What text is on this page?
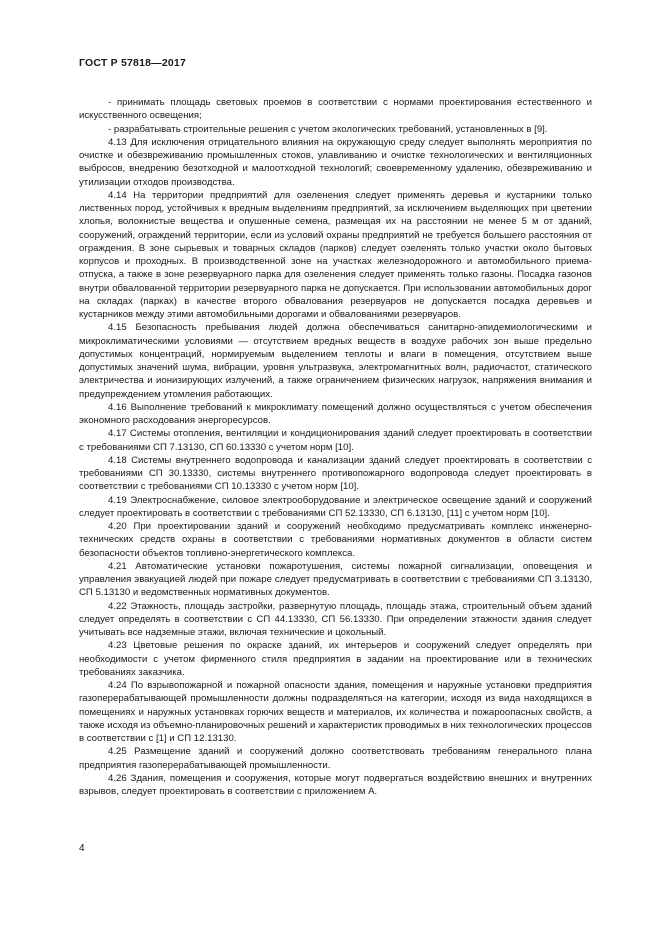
ГОСТ Р 57818—2017

- принимать площадь световых проемов в соответствии с нормами проектирования естественного и искусственного освещения;

- разрабатывать строительные решения с учетом экологических требований, установленных в [9].

4.13 Для исключения отрицательного влияния на окружающую среду следует выполнять мероприятия по очистке и обезвреживанию промышленных стоков, улавливанию и очистке технологических и вентиляционных выбросов, внедрению безотходной и малоотходной технологий; своевременному удалению, обезвреживанию и утилизации отходов производства.

4.14 На территории предприятий для озеленения следует применять деревья и кустарники только лиственных пород, устойчивых к вредным выделениям предприятий, за исключением выделяющих при цветении хлопья, волокнистые вещества и опушенные семена, размещая их на расстоянии не менее 5 м от зданий, сооружений, ограждений территории, если из условий охраны предприятий не требуется большего расстояния от ограждения. В зоне сырьевых и товарных складов (парков) следует озеленять только участки около бытовых корпусов и проходных. В производственной зоне на участках железнодорожного и автомобильного приема-отпуска, а также в зоне резервуарного парка для озеленения следует применять только газоны. Посадка газонов внутри обвалованной территории резервуарного парка не допускается. При использовании автомобильных дорог на складах (парках) в качестве второго обвалования резервуаров не допускается посадка деревьев и кустарников между этими автомобильными дорогами и обвалованиями резервуаров.

4.15 Безопасность пребывания людей должна обеспечиваться санитарно-эпидемиологическими и микроклиматическими условиями — отсутствием вредных веществ в воздухе рабочих зон выше предельно допустимых концентраций, нормируемым выделением теплоты и влаги в помещения, отсутствием выше допустимых значений шума, вибрации, уровня ультразвука, электромагнитных волн, радиочастот, статического электричества и ионизирующих излучений, а также ограничением физических нагрузок, напряжения внимания и предупреждением утомления работающих.

4.16 Выполнение требований к микроклимату помещений должно осуществляться с учетом обеспечения экономного расходования энергоресурсов.

4.17 Системы отопления, вентиляции и кондиционирования зданий следует проектировать в соответствии с требованиями СП 7.13130, СП 60.13330 с учетом норм [10].

4.18 Системы внутреннего водопровода и канализации зданий следует проектировать в соответствии с требованиями СП 30.13330, системы внутреннего противопожарного водопровода следует проектировать в соответствии с требованиями СП 10.13330 с учетом норм [10].

4.19 Электроснабжение, силовое электрооборудование и электрическое освещение зданий и сооружений следует проектировать в соответствии с требованиями СП 52.13330, СП 6.13130, [11] с учетом норм [10].

4.20 При проектировании зданий и сооружений необходимо предусматривать комплекс инженерно-технических средств охраны в соответствии с требованиями нормативных документов в области систем безопасности объектов топливно-энергетического комплекса.

4.21 Автоматические установки пожаротушения, системы пожарной сигнализации, оповещения и управления эвакуацией людей при пожаре следует предусматривать в соответствии с требованиями СП 3.13130, СП 5.13130 и ведомственных нормативных документов.

4.22 Этажность, площадь застройки, развернутую площадь, площадь этажа, строительный объем зданий следует определять в соответствии с СП 44.13330, СП 56.13330. При определении этажности здания следует учитывать все надземные этажи, включая технические и цокольный.

4.23 Цветовые решения по окраске зданий, их интерьеров и сооружений следует определять при необходимости с учетом фирменного стиля предприятия в задании на проектирование или в технических требованиях заказчика.

4.24 По взрывопожарной и пожарной опасности здания, помещения и наружные установки предприятия газоперерабатывающей промышленности должны подразделяться на категории, исходя из вида находящихся в помещениях и наружных установках горючих веществ и материалов, их количества и пожароопасных свойств, а также исходя из объемно-планировочных решений и характеристик проводимых в них технологических процессов в соответствии с [1] и СП 12.13130.

4.25 Размещение зданий и сооружений должно соответствовать требованиям генерального плана предприятия газоперерабатывающей промышленности.

4.26 Здания, помещения и сооружения, которые могут подвергаться воздействию внешних и внутренних взрывов, следует проектировать в соответствии с приложением А.

4
